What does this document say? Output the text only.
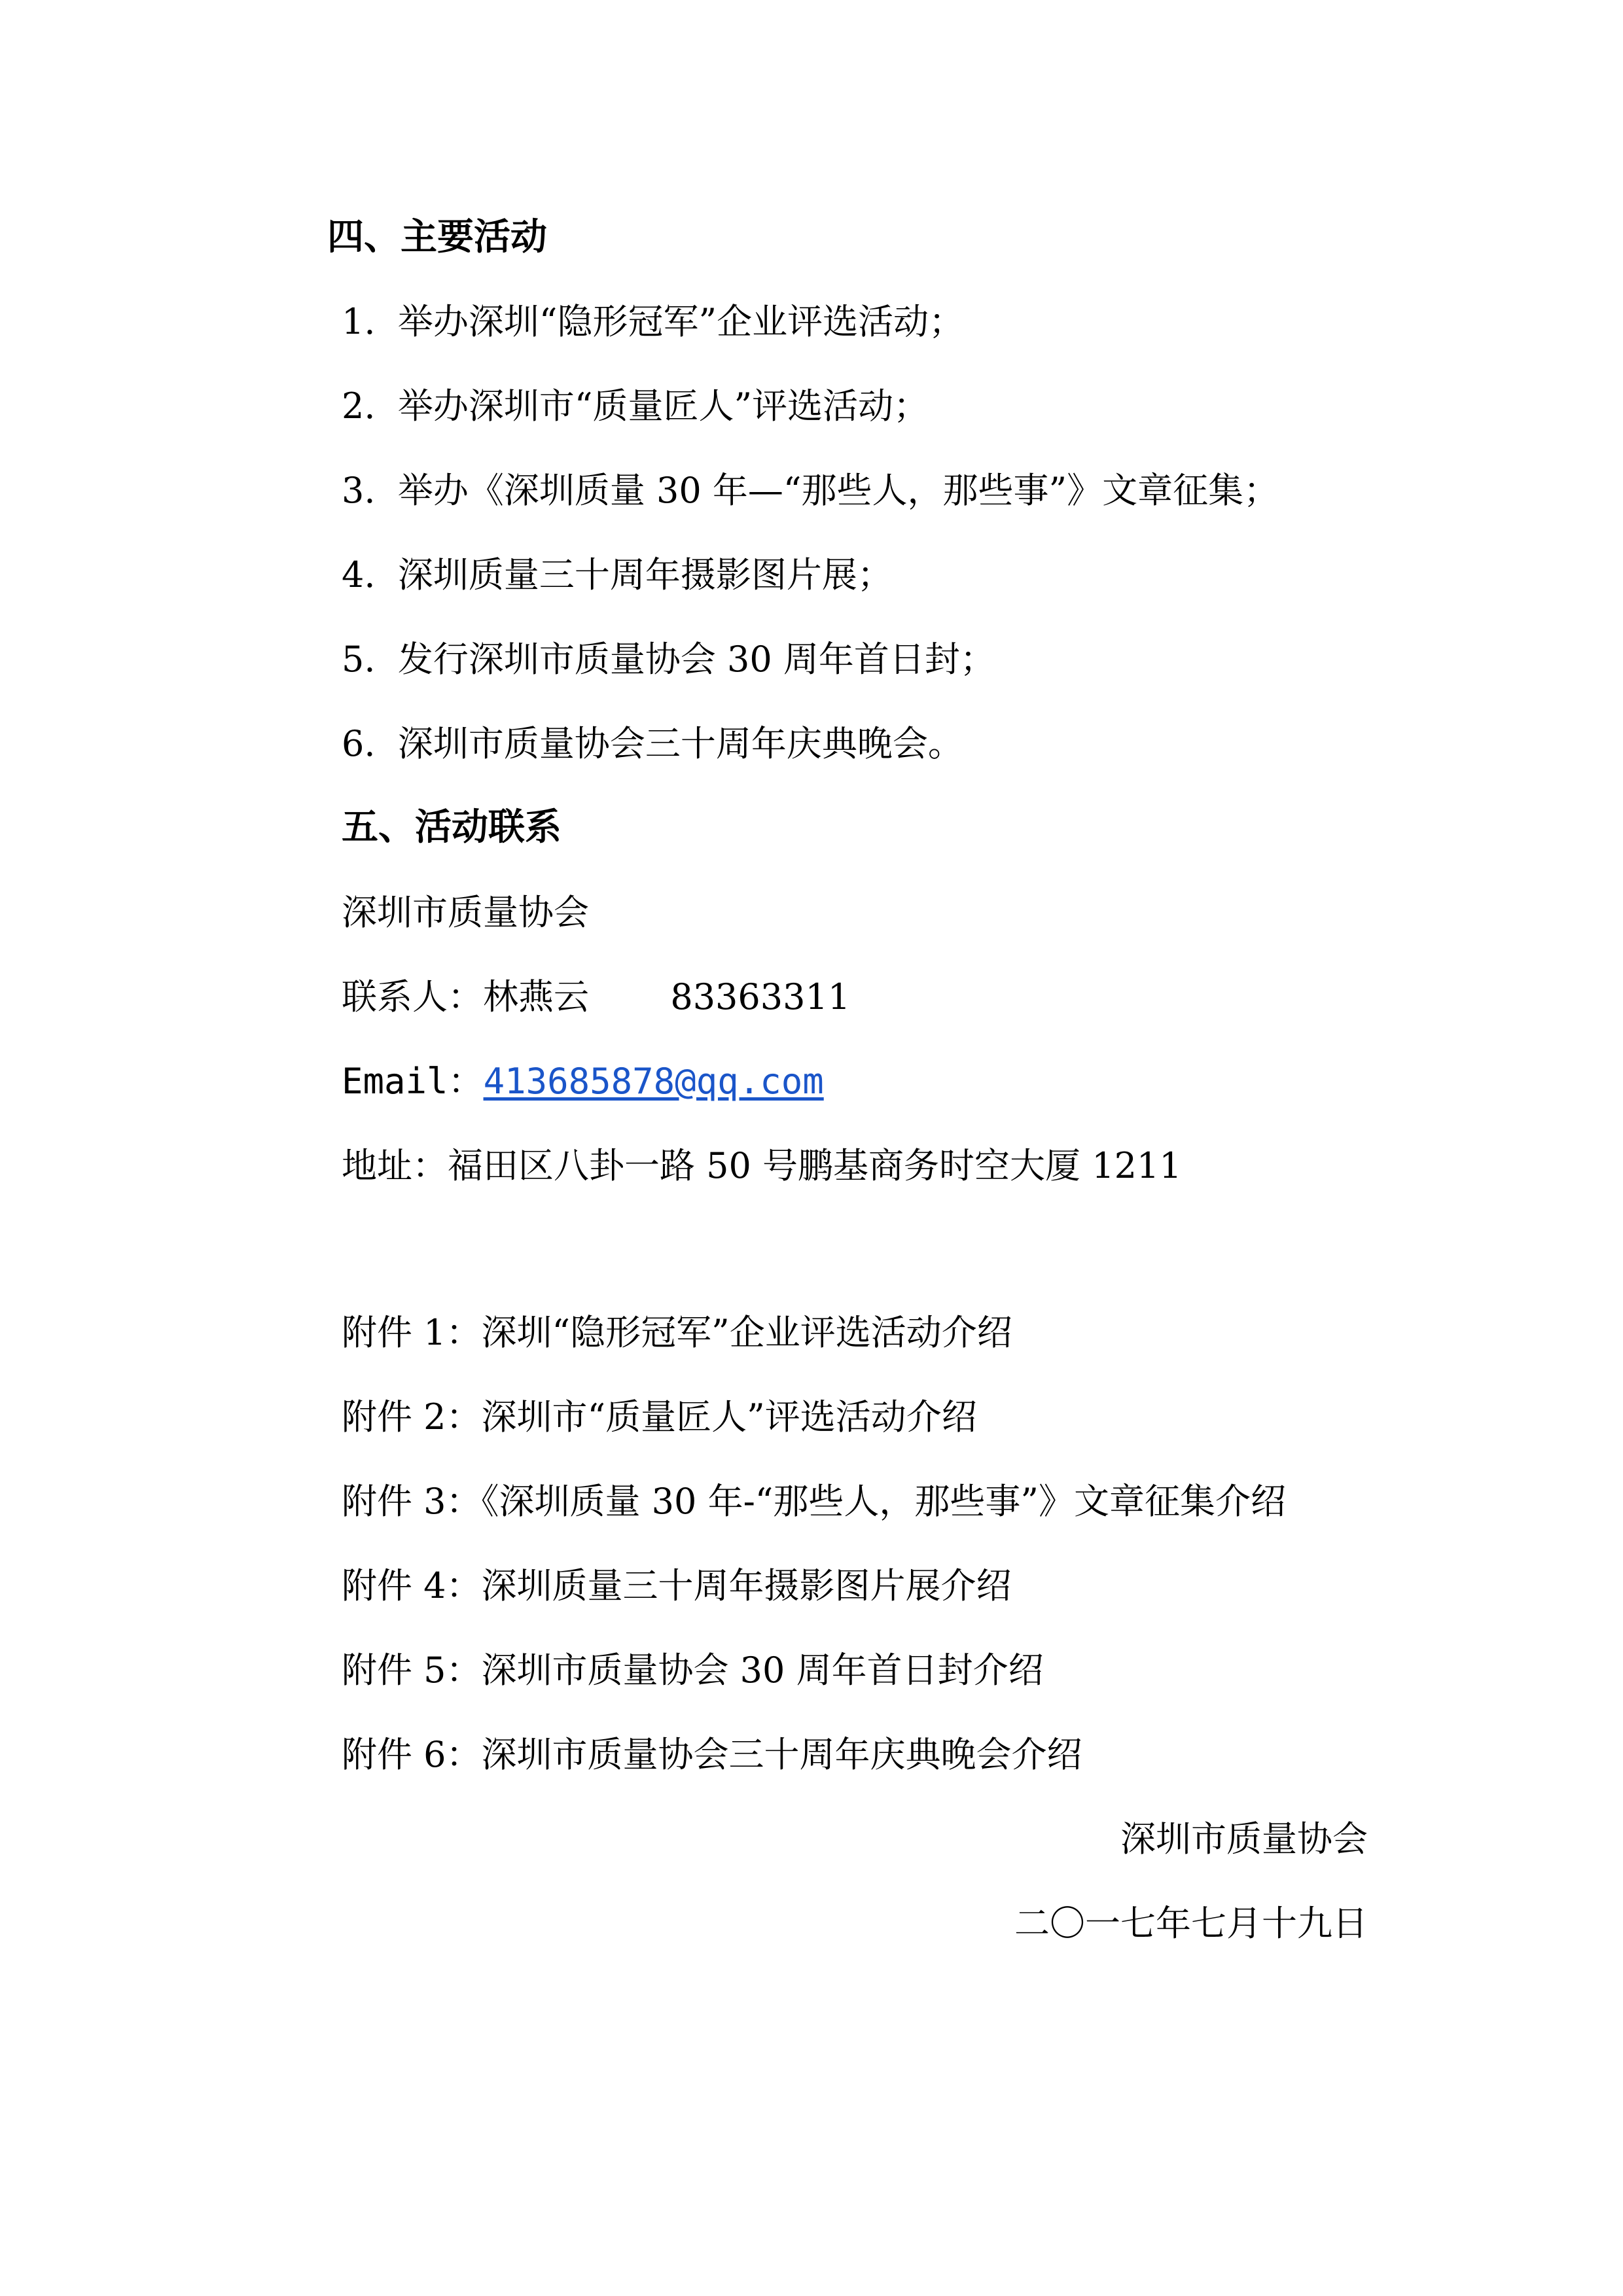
四、主要活动
1. 举办深圳“隐形冠军”企业评选活动；
2. 举办深圳市“质量匠人”评选活动；
3. 举办《深圳质量 30 年—“那些人，那些事”》文章征集；
4. 深圳质量三十周年摄影图片展；
5. 发行深圳市质量协会 30 周年首日封；
6. 深圳市质量协会三十周年庆典晚会。
五、活动联系
深圳市质量协会
联系人：林燕云 83363311
Email：413685878@qq.com
地址：福田区八卦一路 50 号鹏基商务时空大厦 1211
附件 1：深圳“隐形冠军”企业评选活动介绍
附件 2：深圳市“质量匠人”评选活动介绍
附件 3：《深圳质量 30 年-“那些人，那些事”》文章征集介绍
附件 4：深圳质量三十周年摄影图片展介绍
附件 5：深圳市质量协会 30 周年首日封介绍
附件 6：深圳市质量协会三十周年庆典晚会介绍
深圳市质量协会
二〇一七年七月十九日
